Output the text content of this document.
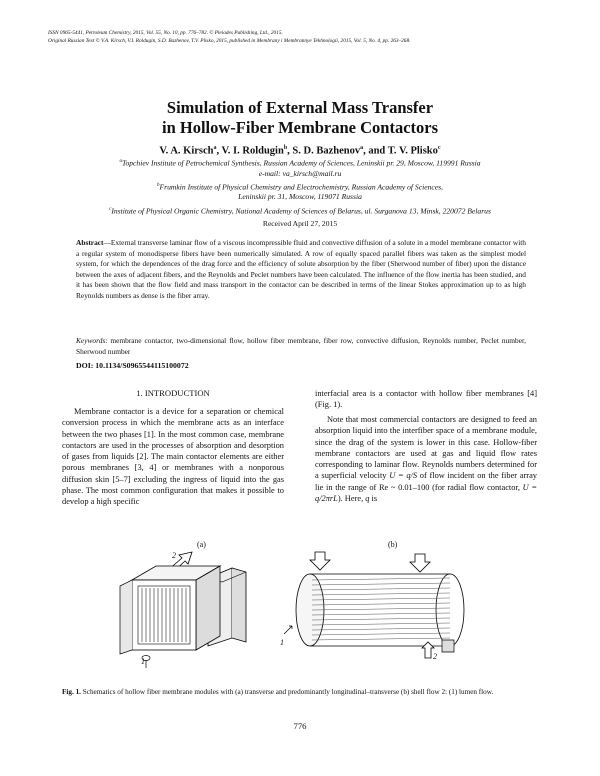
ISSN 0965-5441, Petroleum Chemistry, 2015, Vol. 55, No. 10, pp. 776–782. © Pleiades Publishing, Ltd., 2015.
Original Russian Text © V.A. Kirsch, V.I. Roldugin, S.D. Bazhenov, T.V. Plisko, 2015, published in Membrany i Membrannye Tekhnologii, 2015, Vol. 5, No. 4, pp. 263–268.
Simulation of External Mass Transfer
in Hollow-Fiber Membrane Contactors
V. A. Kirsch$^a$, V. I. Roldugin$^b$, S. D. Bazhenov$^a$, and T. V. Plisko$^c$
$^a$Topchiev Institute of Petrochemical Synthesis, Russian Academy of Sciences, Leninskii pr. 29, Moscow, 119991 Russia
e-mail: va_kirsch@mail.ru
$^b$Frumkin Institute of Physical Chemistry and Electrochemistry, Russian Academy of Sciences,
Leninskii pr. 31, Moscow, 119071 Russia
$^c$Institute of Physical Organic Chemistry, National Academy of Sciences of Belarus, ul. Surganova 13, Minsk, 220072 Belarus
Received April 27, 2015
Abstract—External transverse laminar flow of a viscous incompressible fluid and convective diffusion of a solute in a model membrane contactor with a regular system of monodisperse fibers have been numerically simulated. A row of equally spaced parallel fibers was taken as the simplest model system, for which the dependences of the drag force and the efficiency of solute absorption by the fiber (Sherwood number of fiber) upon the distance between the axes of adjacent fibers, and the Reynolds and Peclet numbers have been calculated. The influence of the flow inertia has been studied, and it has been shown that the flow field and mass transport in the contactor can be described in terms of the linear Stokes approximation up to as high Reynolds numbers as dense is the fiber array.
Keywords: membrane contactor, two-dimensional flow, hollow fiber membrane, fiber row, convective diffusion, Reynolds number, Peclet number, Sherwood number
DOI: 10.1134/S0965544115100072
1. INTRODUCTION
Membrane contactor is a device for a separation or chemical conversion process in which the membrane acts as an interface between the two phases [1]. In the most common case, membrane contactors are used in the processes of absorption and desorption of gases from liquids [2]. The main contactor elements are either porous membranes [3, 4] or membranes with a nonporous diffusion skin [5–7] excluding the ingress of liquid into the gas phase. The most common configuration that makes it possible to develop a high specific
interfacial area is a contactor with hollow fiber membranes [4] (Fig. 1).
Note that most commercial contactors are designed to feed an absorption liquid into the interfiber space of a membrane module, since the drag of the system is lower in this case. Hollow-fiber membrane contactors are used at gas and liquid flow rates corresponding to laminar flow. Reynolds numbers determined for a superficial velocity U = q/S of flow incident on the fiber array lie in the range of Re ~ 0.01–100 (for radial flow contactor, U = q/2πrL). Here, q is
(a)	(b)
2
1
1
2
Fig. 1. Schematics of hollow fiber membrane modules with (a) transverse and predominantly longitudinal–transverse (b) shell flow 2: (1) lumen flow.
776
